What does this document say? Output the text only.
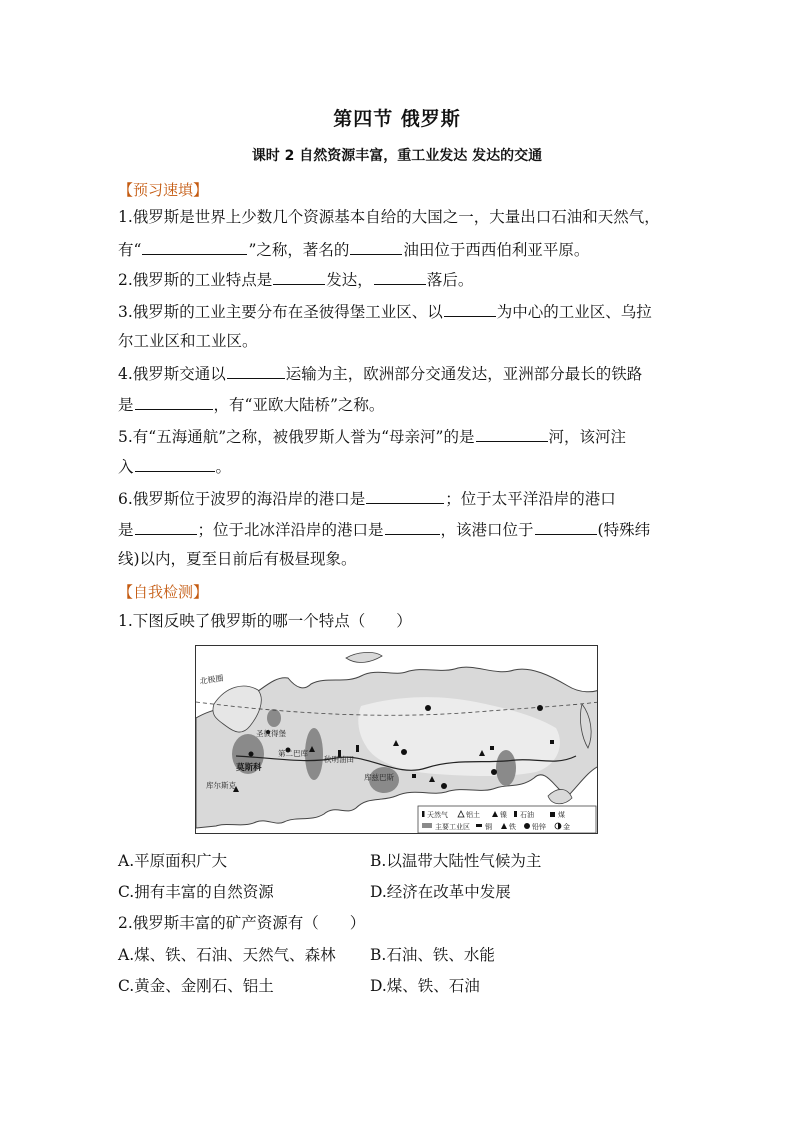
第四节 俄罗斯
课时 2 自然资源丰富，重工业发达 发达的交通
【预习速填】
1.俄罗斯是世界上少数几个资源基本自给的大国之一，大量出口石油和天然气，
有“	”之称，著名的	油田位于西西伯利亚平原。
2.俄罗斯的工业特点是	发达，	落后。
3.俄罗斯的工业主要分布在圣彼得堡工业区、以	为中心的工业区、乌拉
尔工业区和工业区。
4.俄罗斯交通以	运输为主，欧洲部分交通发达，亚洲部分最长的铁路
是	，有“亚欧大陆桥”之称。
5.有“五海通航”之称，被俄罗斯人誉为“母亲河”的是	河，该河注
入	。
6.俄罗斯位于波罗的海沿岸的港口是	；位于太平洋沿岸的港口
是	；位于北冰洋沿岸的港口是	，该港口位于	(特殊纬
线)以内，夏至日前后有极昼现象。
【自我检测】
1.下图反映了俄罗斯的哪一个特点（　　）
北极圈
圣彼得堡
莫斯科
第二巴库
秋明油田
库兹巴斯
库尔斯克
天然气	铝土	镍 石油	煤
主要工业区 铜 铁 铅锌 金
A.平原面积广大	B.以温带大陆性气候为主
C.拥有丰富的自然资源	D.经济在改革中发展
2.俄罗斯丰富的矿产资源有（　　）
A.煤、铁、石油、天然气、森林 B.石油、铁、水能
C.黄金、金刚石、铝土	D.煤、铁、石油
